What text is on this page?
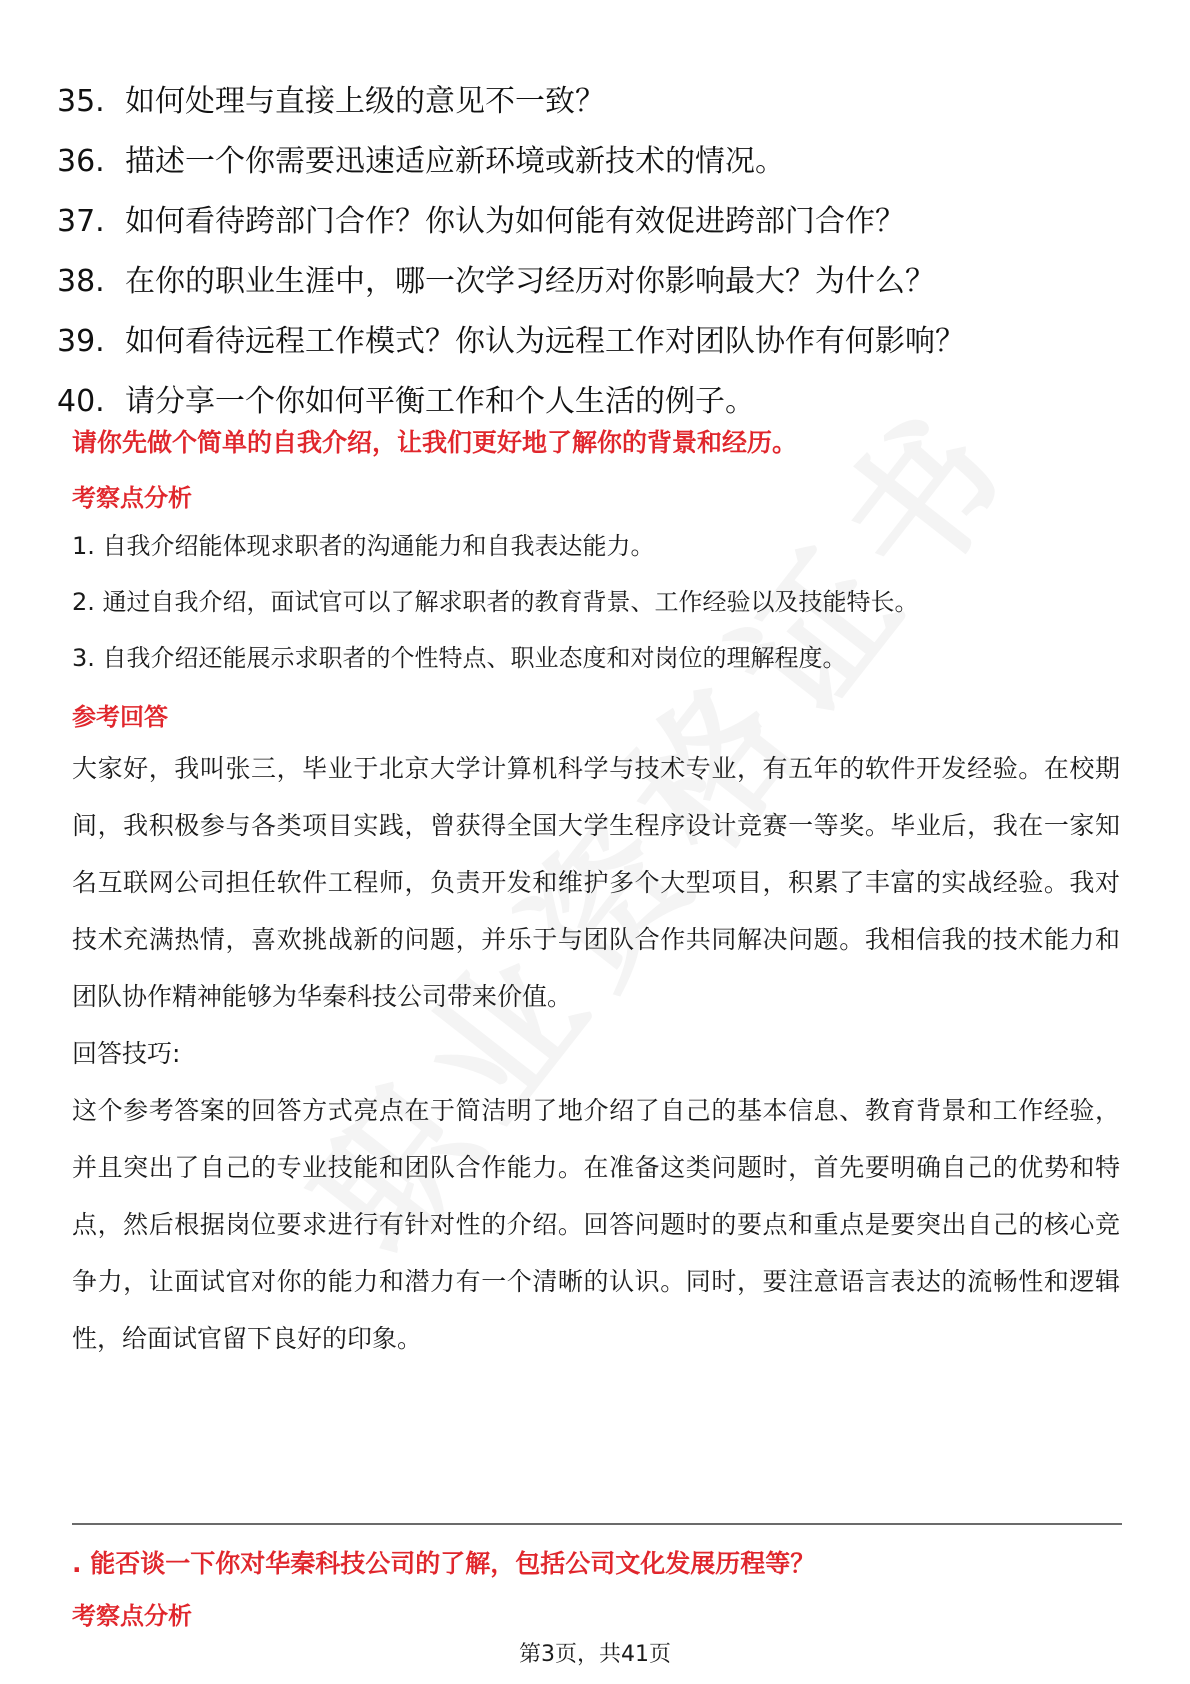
35. 如何处理与直接上级的意见不一致？
36. 描述一个你需要迅速适应新环境或新技术的情况。
37. 如何看待跨部门合作？你认为如何能有效促进跨部门合作？
38. 在你的职业生涯中，哪一次学习经历对你影响最大？为什么？
39. 如何看待远程工作模式？你认为远程工作对团队协作有何影响？
40. 请分享一个你如何平衡工作和个人生活的例子。
请你先做个简单的自我介绍，让我们更好地了解你的背景和经历。
考察点分析
1. 自我介绍能体现求职者的沟通能力和自我表达能力。
2. 通过自我介绍，面试官可以了解求职者的教育背景、工作经验以及技能特长。
3. 自我介绍还能展示求职者的个性特点、职业态度和对岗位的理解程度。
参考回答

大家好，我叫张三，毕业于北京大学计算机科学与技术专业，有五年的软件开发经验。在校期间，我积极参与各类项目实践，曾获得全国大学生程序设计竞赛一等奖。毕业后，我在一家知名互联网公司担任软件工程师，负责开发和维护多个大型项目，积累了丰富的实战经验。我对技术充满热情，喜欢挑战新的问题，并乐于与团队合作共同解决问题。我相信我的技术能力和团队协作精神能够为华秦科技公司带来价值。

回答技巧:

这个参考答案的回答方式亮点在于简洁明了地介绍了自己的基本信息、教育背景和工作经验，并且突出了自己的专业技能和团队合作能力。在准备这类问题时，首先要明确自己的优势和特点，然后根据岗位要求进行有针对性的介绍。回答问题时的要点和重点是要突出自己的核心竞争力，让面试官对你的能力和潜力有一个清晰的认识。同时，要注意语言表达的流畅性和逻辑性，给面试官留下良好的印象。

. 能否谈一下你对华秦科技公司的了解，包括公司文化发展历程等？
考察点分析
第3页，共41页
